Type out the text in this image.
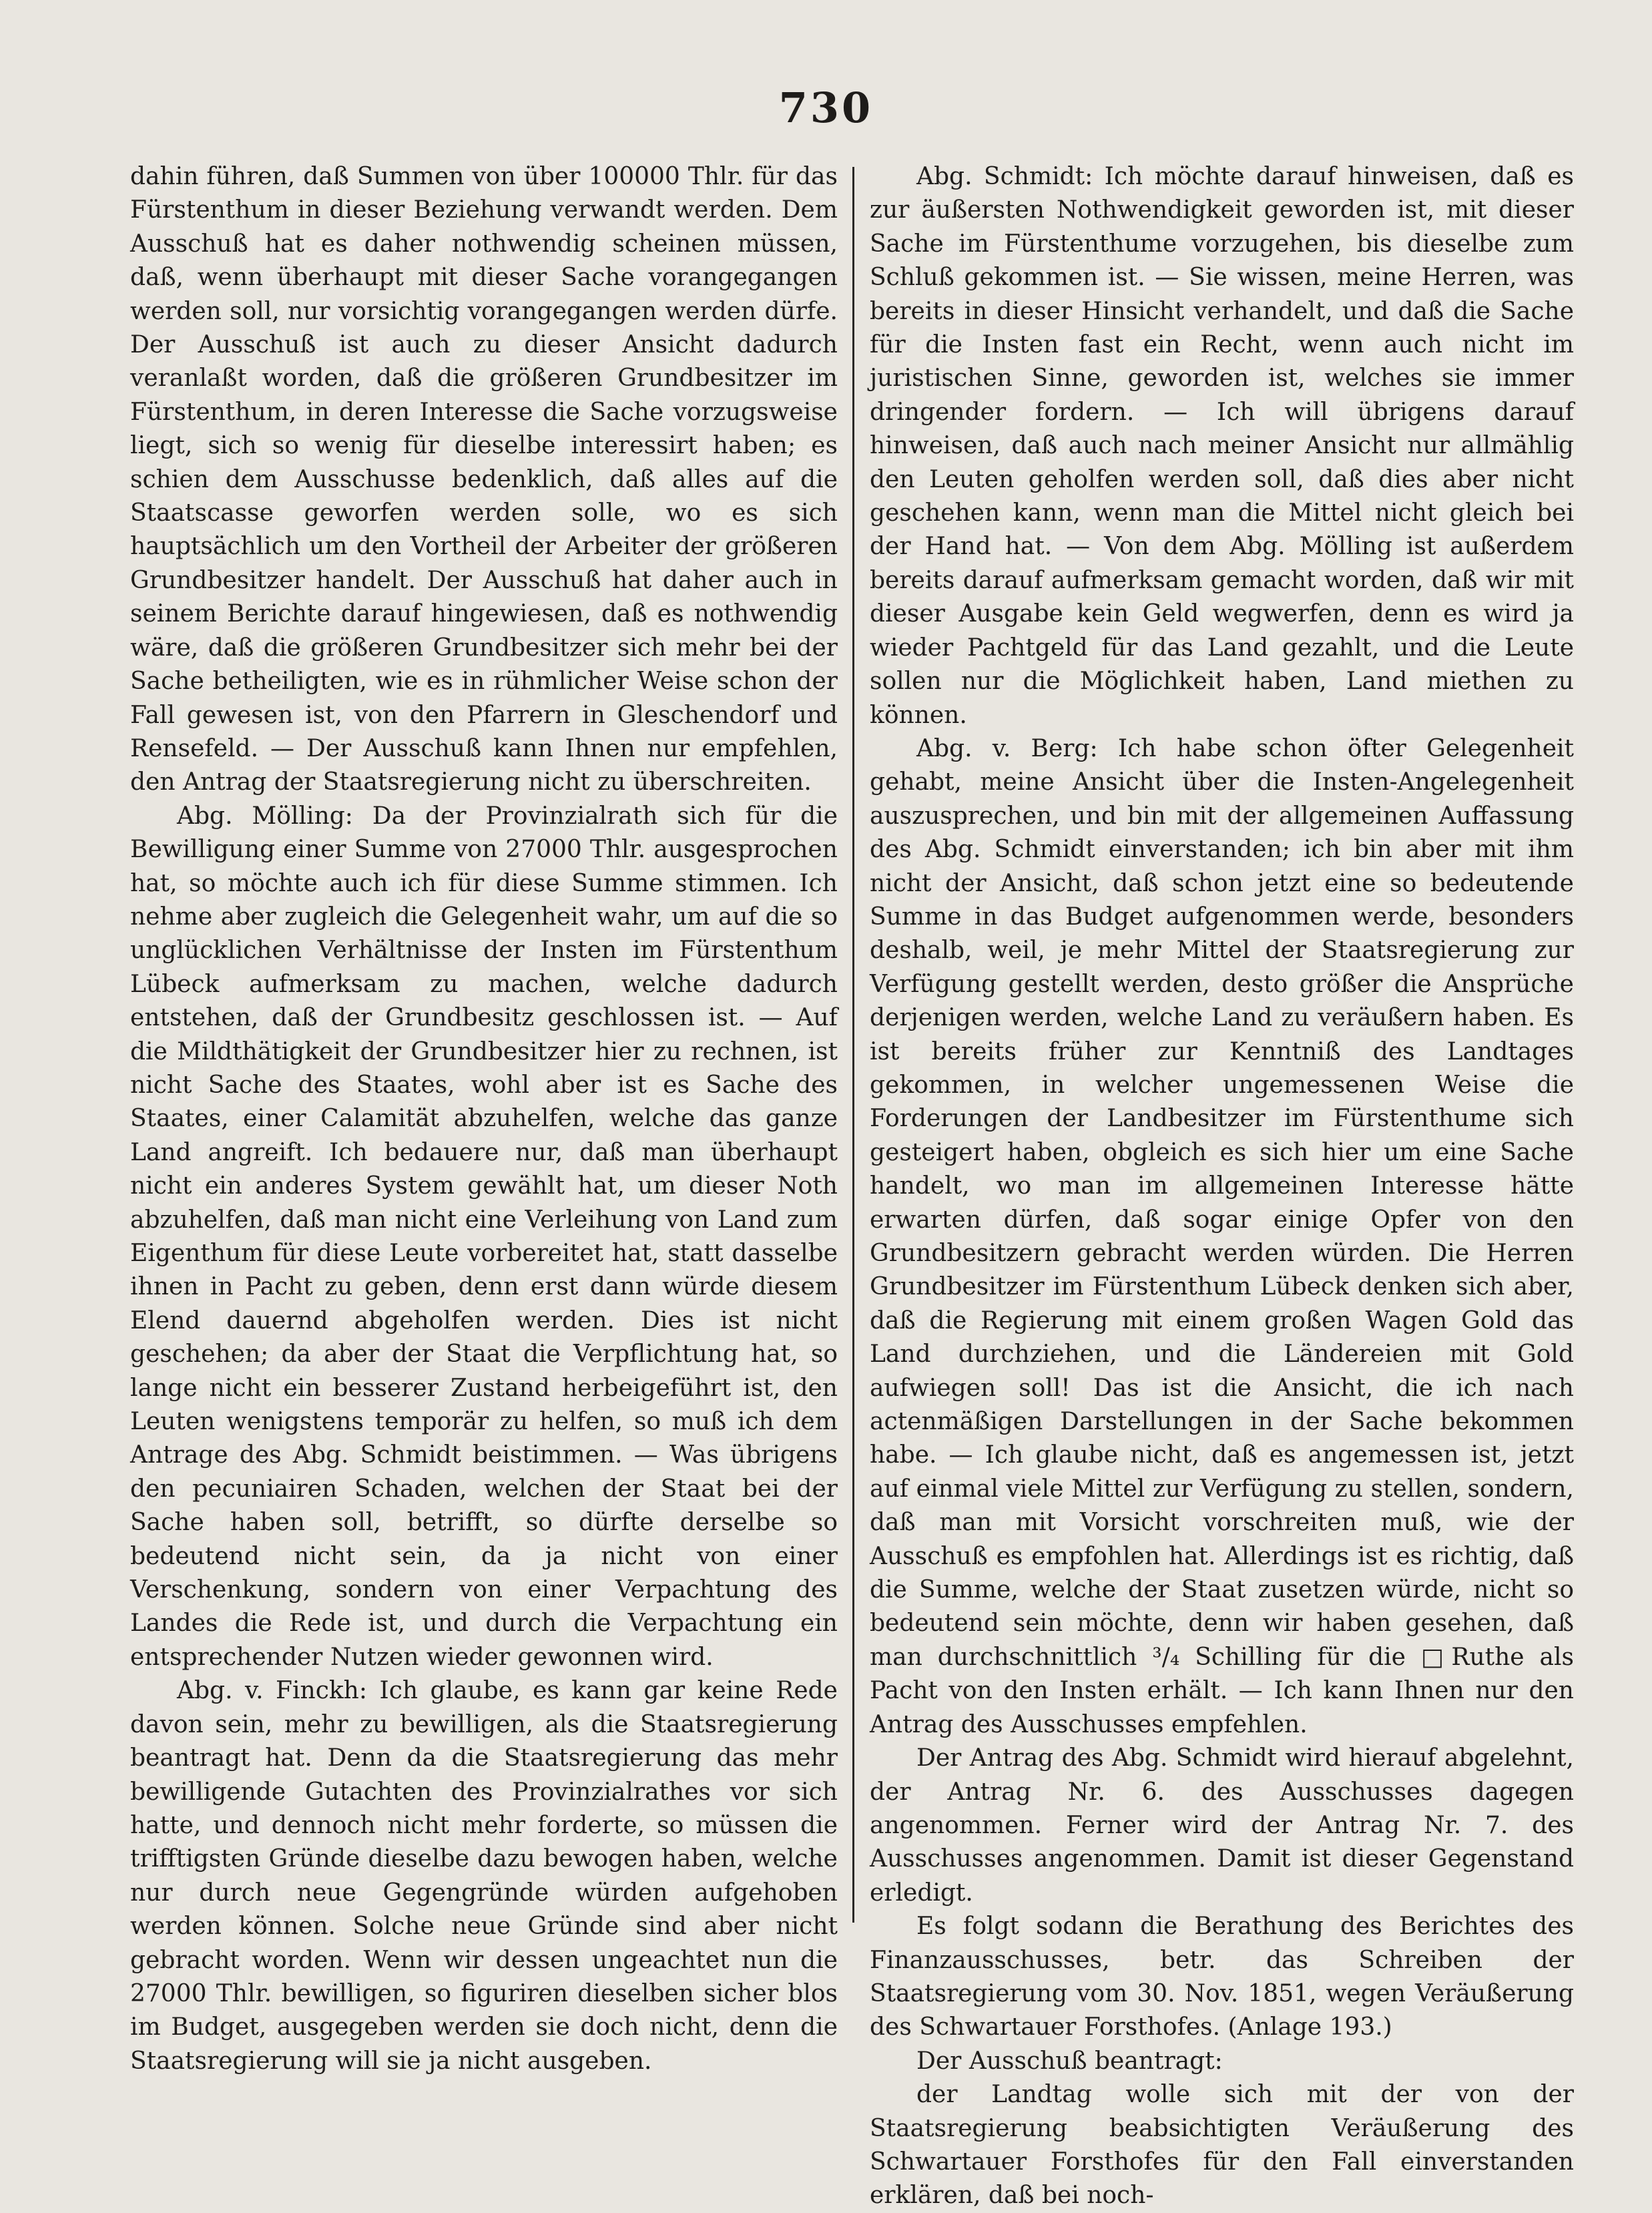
730

dahin führen, daß Summen von über 100000 Thlr. für das Fürstenthum in dieser Beziehung verwandt werden. Dem Ausschuß hat es daher nothwendig scheinen müssen, daß, wenn überhaupt mit dieser Sache vorangegangen werden soll, nur vorsichtig vorangegangen werden dürfe. Der Ausschuß ist auch zu dieser Ansicht dadurch veranlaßt worden, daß die größeren Grundbesitzer im Fürstenthum, in deren Interesse die Sache vorzugsweise liegt, sich so wenig für dieselbe interessirt haben; es schien dem Ausschusse bedenklich, daß alles auf die Staatscasse geworfen werden solle, wo es sich hauptsächlich um den Vortheil der Arbeiter der größeren Grundbesitzer handelt. Der Ausschuß hat daher auch in seinem Berichte darauf hingewiesen, daß es nothwendig wäre, daß die größeren Grundbesitzer sich mehr bei der Sache betheiligten, wie es in rühmlicher Weise schon der Fall gewesen ist, von den Pfarrern in Gleschendorf und Rensefeld. — Der Ausschuß kann Ihnen nur empfehlen, den Antrag der Staatsregierung nicht zu überschreiten.

Abg. Mölling: Da der Provinzialrath sich für die Bewilligung einer Summe von 27000 Thlr. ausgesprochen hat, so möchte auch ich für diese Summe stimmen. Ich nehme aber zugleich die Gelegenheit wahr, um auf die so unglücklichen Verhältnisse der Insten im Fürstenthum Lübeck aufmerksam zu machen, welche dadurch entstehen, daß der Grundbesitz geschlossen ist. — Auf die Mildthätigkeit der Grundbesitzer hier zu rechnen, ist nicht Sache des Staates, wohl aber ist es Sache des Staates, einer Calamität abzuhelfen, welche das ganze Land angreift. Ich bedauere nur, daß man überhaupt nicht ein anderes System gewählt hat, um dieser Noth abzuhelfen, daß man nicht eine Verleihung von Land zum Eigenthum für diese Leute vorbereitet hat, statt dasselbe ihnen in Pacht zu geben, denn erst dann würde diesem Elend dauernd abgeholfen werden. Dies ist nicht geschehen; da aber der Staat die Verpflichtung hat, so lange nicht ein besserer Zustand herbeigeführt ist, den Leuten wenigstens temporär zu helfen, so muß ich dem Antrage des Abg. Schmidt beistimmen. — Was übrigens den pecuniairen Schaden, welchen der Staat bei der Sache haben soll, betrifft, so dürfte derselbe so bedeutend nicht sein, da ja nicht von einer Verschenkung, sondern von einer Verpachtung des Landes die Rede ist, und durch die Verpachtung ein entsprechender Nutzen wieder gewonnen wird.

Abg. v. Finckh: Ich glaube, es kann gar keine Rede davon sein, mehr zu bewilligen, als die Staatsregierung beantragt hat. Denn da die Staatsregierung das mehr bewilligende Gutachten des Provinzialrathes vor sich hatte, und dennoch nicht mehr forderte, so müssen die trifftigsten Gründe dieselbe dazu bewogen haben, welche nur durch neue Gegengründe würden aufgehoben werden können. Solche neue Gründe sind aber nicht gebracht worden. Wenn wir dessen ungeachtet nun die 27000 Thlr. bewilligen, so figuriren dieselben sicher blos im Budget, ausgegeben werden sie doch nicht, denn die Staatsregierung will sie ja nicht ausgeben.

Abg. Schmidt: Ich möchte darauf hinweisen, daß es zur äußersten Nothwendigkeit geworden ist, mit dieser Sache im Fürstenthume vorzugehen, bis dieselbe zum Schluß gekommen ist. — Sie wissen, meine Herren, was bereits in dieser Hinsicht verhandelt, und daß die Sache für die Insten fast ein Recht, wenn auch nicht im juristischen Sinne, geworden ist, welches sie immer dringender fordern. — Ich will übrigens darauf hinweisen, daß auch nach meiner Ansicht nur allmählig den Leuten geholfen werden soll, daß dies aber nicht geschehen kann, wenn man die Mittel nicht gleich bei der Hand hat. — Von dem Abg. Mölling ist außerdem bereits darauf aufmerksam gemacht worden, daß wir mit dieser Ausgabe kein Geld wegwerfen, denn es wird ja wieder Pachtgeld für das Land gezahlt, und die Leute sollen nur die Möglichkeit haben, Land miethen zu können.

Abg. v. Berg: Ich habe schon öfter Gelegenheit gehabt, meine Ansicht über die Insten-Angelegenheit auszusprechen, und bin mit der allgemeinen Auffassung des Abg. Schmidt einverstanden; ich bin aber mit ihm nicht der Ansicht, daß schon jetzt eine so bedeutende Summe in das Budget aufgenommen werde, besonders deshalb, weil, je mehr Mittel der Staatsregierung zur Verfügung gestellt werden, desto größer die Ansprüche derjenigen werden, welche Land zu veräußern haben. Es ist bereits früher zur Kenntniß des Landtages gekommen, in welcher ungemessenen Weise die Forderungen der Landbesitzer im Fürstenthume sich gesteigert haben, obgleich es sich hier um eine Sache handelt, wo man im allgemeinen Interesse hätte erwarten dürfen, daß sogar einige Opfer von den Grundbesitzern gebracht werden würden. Die Herren Grundbesitzer im Fürstenthum Lübeck denken sich aber, daß die Regierung mit einem großen Wagen Gold das Land durchziehen, und die Ländereien mit Gold aufwiegen soll! Das ist die Ansicht, die ich nach actenmäßigen Darstellungen in der Sache bekommen habe. — Ich glaube nicht, daß es angemessen ist, jetzt auf einmal viele Mittel zur Verfügung zu stellen, sondern, daß man mit Vorsicht vorschreiten muß, wie der Ausschuß es empfohlen hat. Allerdings ist es richtig, daß die Summe, welche der Staat zusetzen würde, nicht so bedeutend sein möchte, denn wir haben gesehen, daß man durchschnittlich ³/₄ Schilling für die □Ruthe als Pacht von den Insten erhält. — Ich kann Ihnen nur den Antrag des Ausschusses empfehlen.

Der Antrag des Abg. Schmidt wird hierauf abgelehnt, der Antrag Nr. 6. des Ausschusses dagegen angenommen. Ferner wird der Antrag Nr. 7. des Ausschusses angenommen. Damit ist dieser Gegenstand erledigt.

Es folgt sodann die Berathung des Berichtes des Finanzausschusses, betr. das Schreiben der Staatsregierung vom 30. Nov. 1851, wegen Veräußerung des Schwartauer Forsthofes. (Anlage 193.)

Der Ausschuß beantragt:

der Landtag wolle sich mit der von der Staatsregierung beabsichtigten Veräußerung des Schwartauer Forsthofes für den Fall einverstanden erklären, daß bei noch-
